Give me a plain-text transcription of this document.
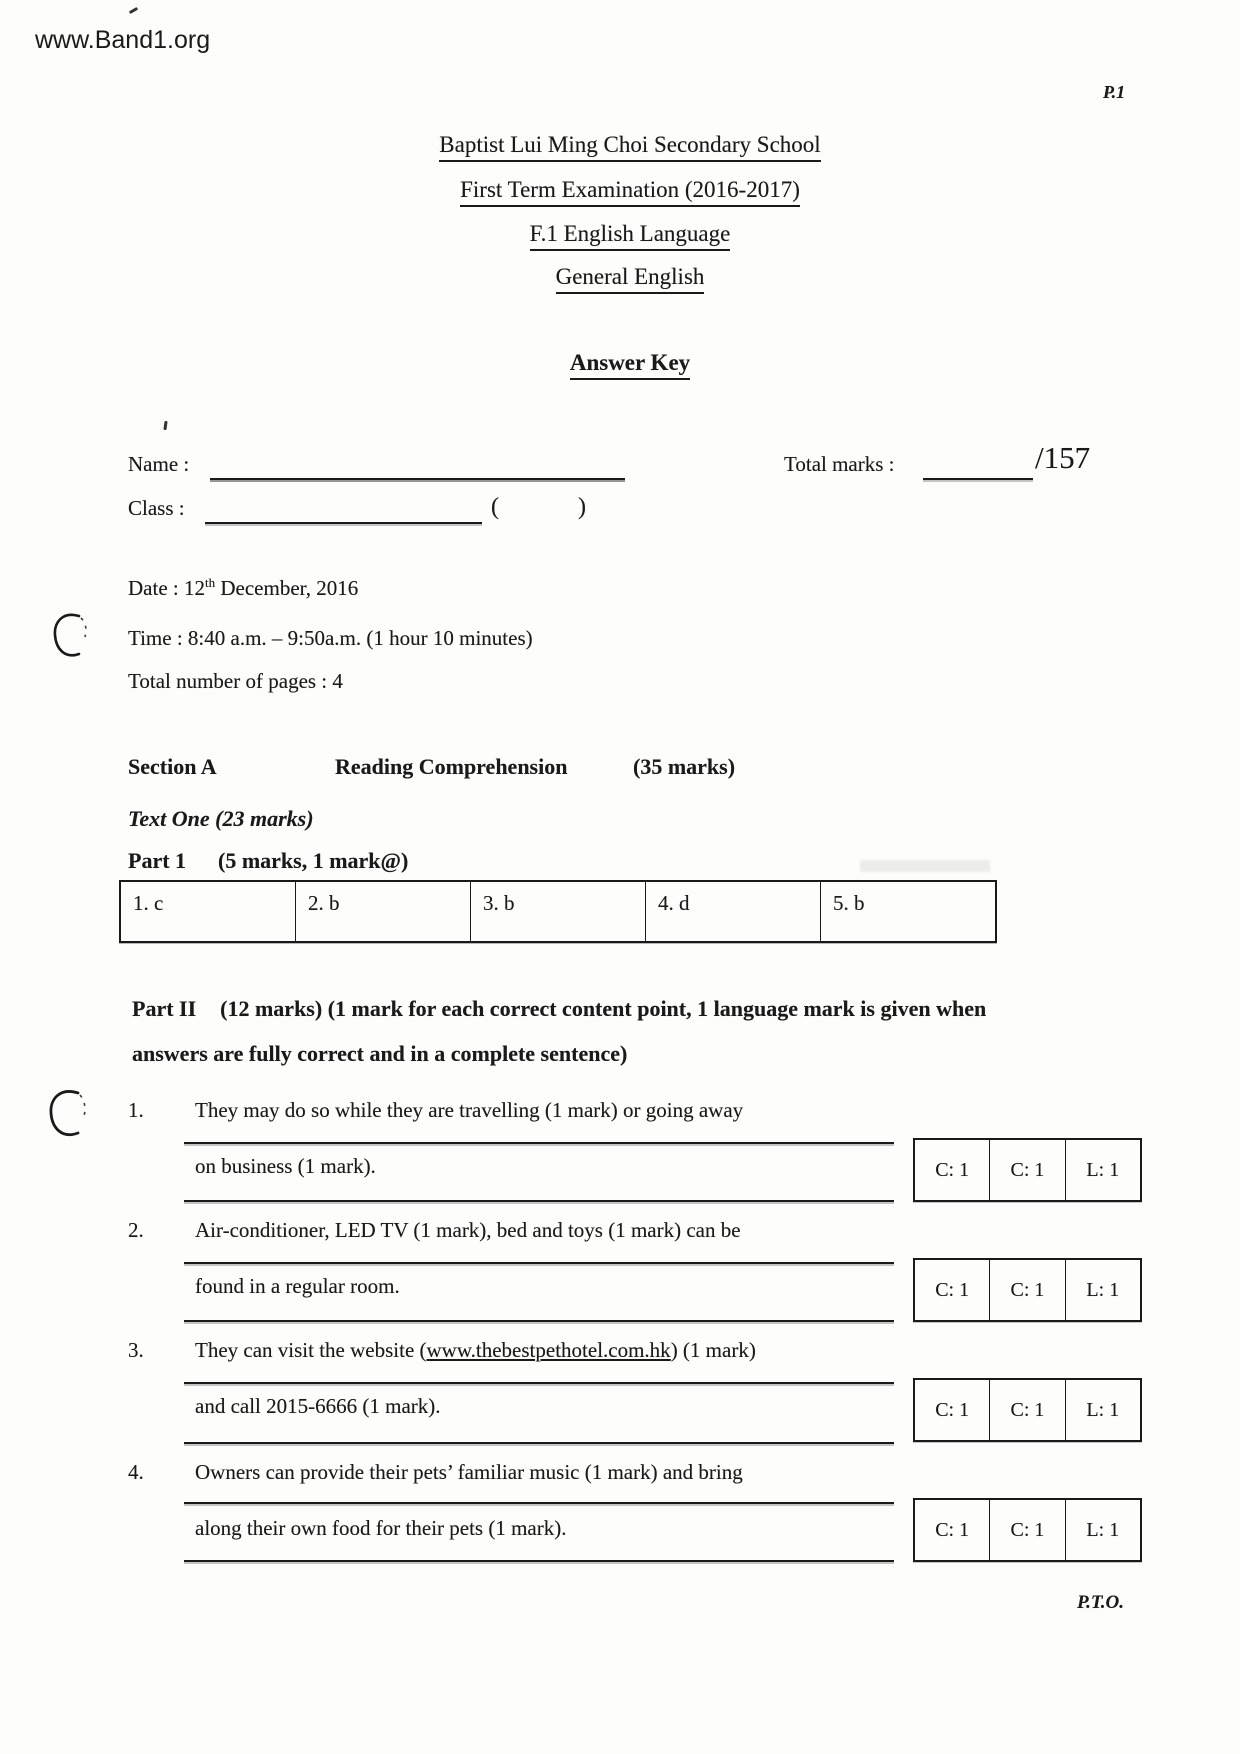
www.Band1.org
P.1
Baptist Lui Ming Choi Secondary School
First Term Examination (2016-2017)
F.1 English Language
General English
Answer Key
Name :	Total marks :	/157
Class :	(	)
Date : 12th December, 2016
Time : 8:40 a.m. – 9:50a.m. (1 hour 10 minutes)
Total number of pages : 4
Section A	Reading Comprehension	(35 marks)
Text One (23 marks)
Part 1 (5 marks, 1 mark@)
1. c	2. b	3. b	4. d	5. b
Part II (12 marks) (1 mark for each correct content point, 1 language mark is given when
answers are fully correct and in a complete sentence)
1. They may do so while they are travelling (1 mark) or going away
on business (1 mark).	C: 1	C: 1	L: 1
2. Air-conditioner, LED TV (1 mark), bed and toys (1 mark) can be
found in a regular room.	C: 1	C: 1	L: 1
3. They can visit the website (www.thebestpethotel.com.hk) (1 mark)
and call 2015-6666 (1 mark).	C: 1	C: 1	L: 1
4. Owners can provide their pets’ familiar music (1 mark) and bring
along their own food for their pets (1 mark).	C: 1	C: 1	L: 1
P.T.O.
